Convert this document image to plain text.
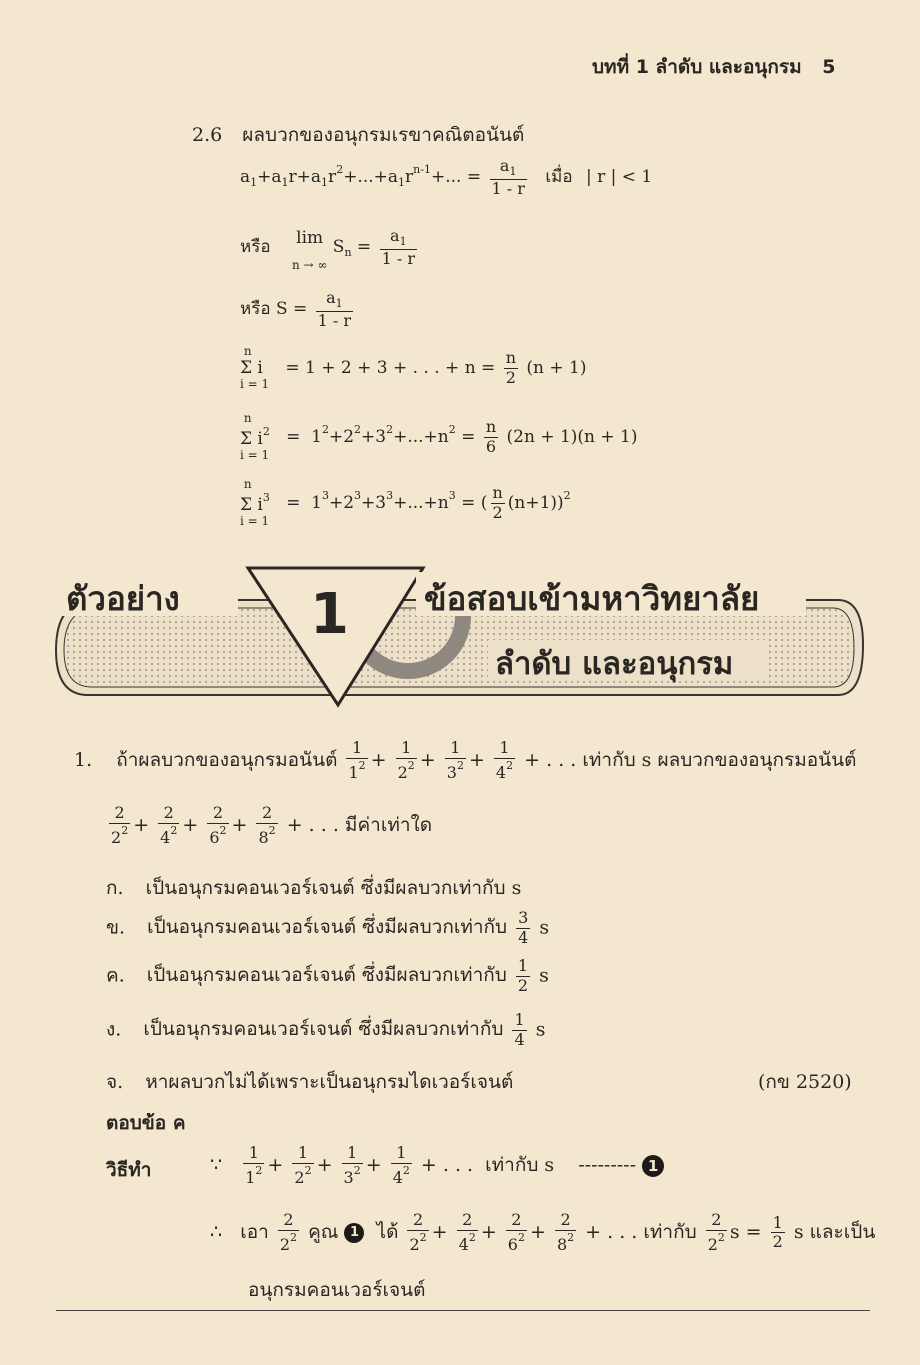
บทที่ 1 ลำดับ และอนุกรม 5
2.6 ผลบวกของอนุกรมเรขาคณิตอนันต์
$a_1+a_1r+a_1r^2+...+a_1r^{n-1}+$... = $\frac{a_1}{1 - r}$ เมื่อ | r | < 1
หรือ lim
n → ∞
$S_n = \frac{a_1}{1 - r}$
หรือ $S = \frac{a_1}{1 - r}$
n
Σ i
i = 1
= 1 + 2 + 3 + . . . + $n = \frac{n}{2} (n + 1)$
n
Σ $i^2$
i = 1
=  $1^2+2^2+3^2+...+n^2 = \frac{n}{6} (2n + 1)(n + 1)$
n
Σ $i^3$
i = 1
=  $1^3+2^3+3^3+...+n^3$ = ( $\frac{n}{2} (n+1))^2$
ตัวอย่าง 1 ข้อสอบเข้ามหาวิทยาลัย
ลำดับ และอนุกรม
1. ถ้าผลบวกของอนุกรมอนันต์ $\frac{1}{1^2} + \frac{1}{2^2} + \frac{1}{3^2} + \frac{1}{4^2}$ + . . . เท่ากับ s ผลบวกของอนุกรมอนันต์
$\frac{2}{2^2} + \frac{2}{4^2} + \frac{2}{6^2} + \frac{2}{8^2}$ + . . . มีค่าเท่าใด
ก. เป็นอนุกรมคอนเวอร์เจนต์ ซึ่งมีผลบวกเท่ากับ s
ข. เป็นอนุกรมคอนเวอร์เจนต์ ซึ่งมีผลบวกเท่ากับ $\frac{3}{4}$ s
ค. เป็นอนุกรมคอนเวอร์เจนต์ ซึ่งมีผลบวกเท่ากับ $\frac{1}{2}$ s
ง. เป็นอนุกรมคอนเวอร์เจนต์ ซึ่งมีผลบวกเท่ากับ $\frac{1}{4}$ s
จ. หาผลบวกไม่ได้เพราะเป็นอนุกรมไดเวอร์เจนต์	(กข 2520)
ตอบข้อ ค
วิธีทำ	∵ $\frac{1}{1^2} + \frac{1}{2^2} + \frac{1}{3^2} + \frac{1}{4^2}$ + . . . เท่ากับ s --------- 1
∴ เอา $\frac{2}{2^2}$ คูณ 1 ได้ $\frac{2}{2^2} + \frac{2}{4^2} + \frac{2}{6^2} + \frac{2}{8^2}$ + . . . เท่ากับ $\frac{2}{2^2}$ $s = \frac{1}{2}$ s และเป็น
อนุกรมคอนเวอร์เจนต์
